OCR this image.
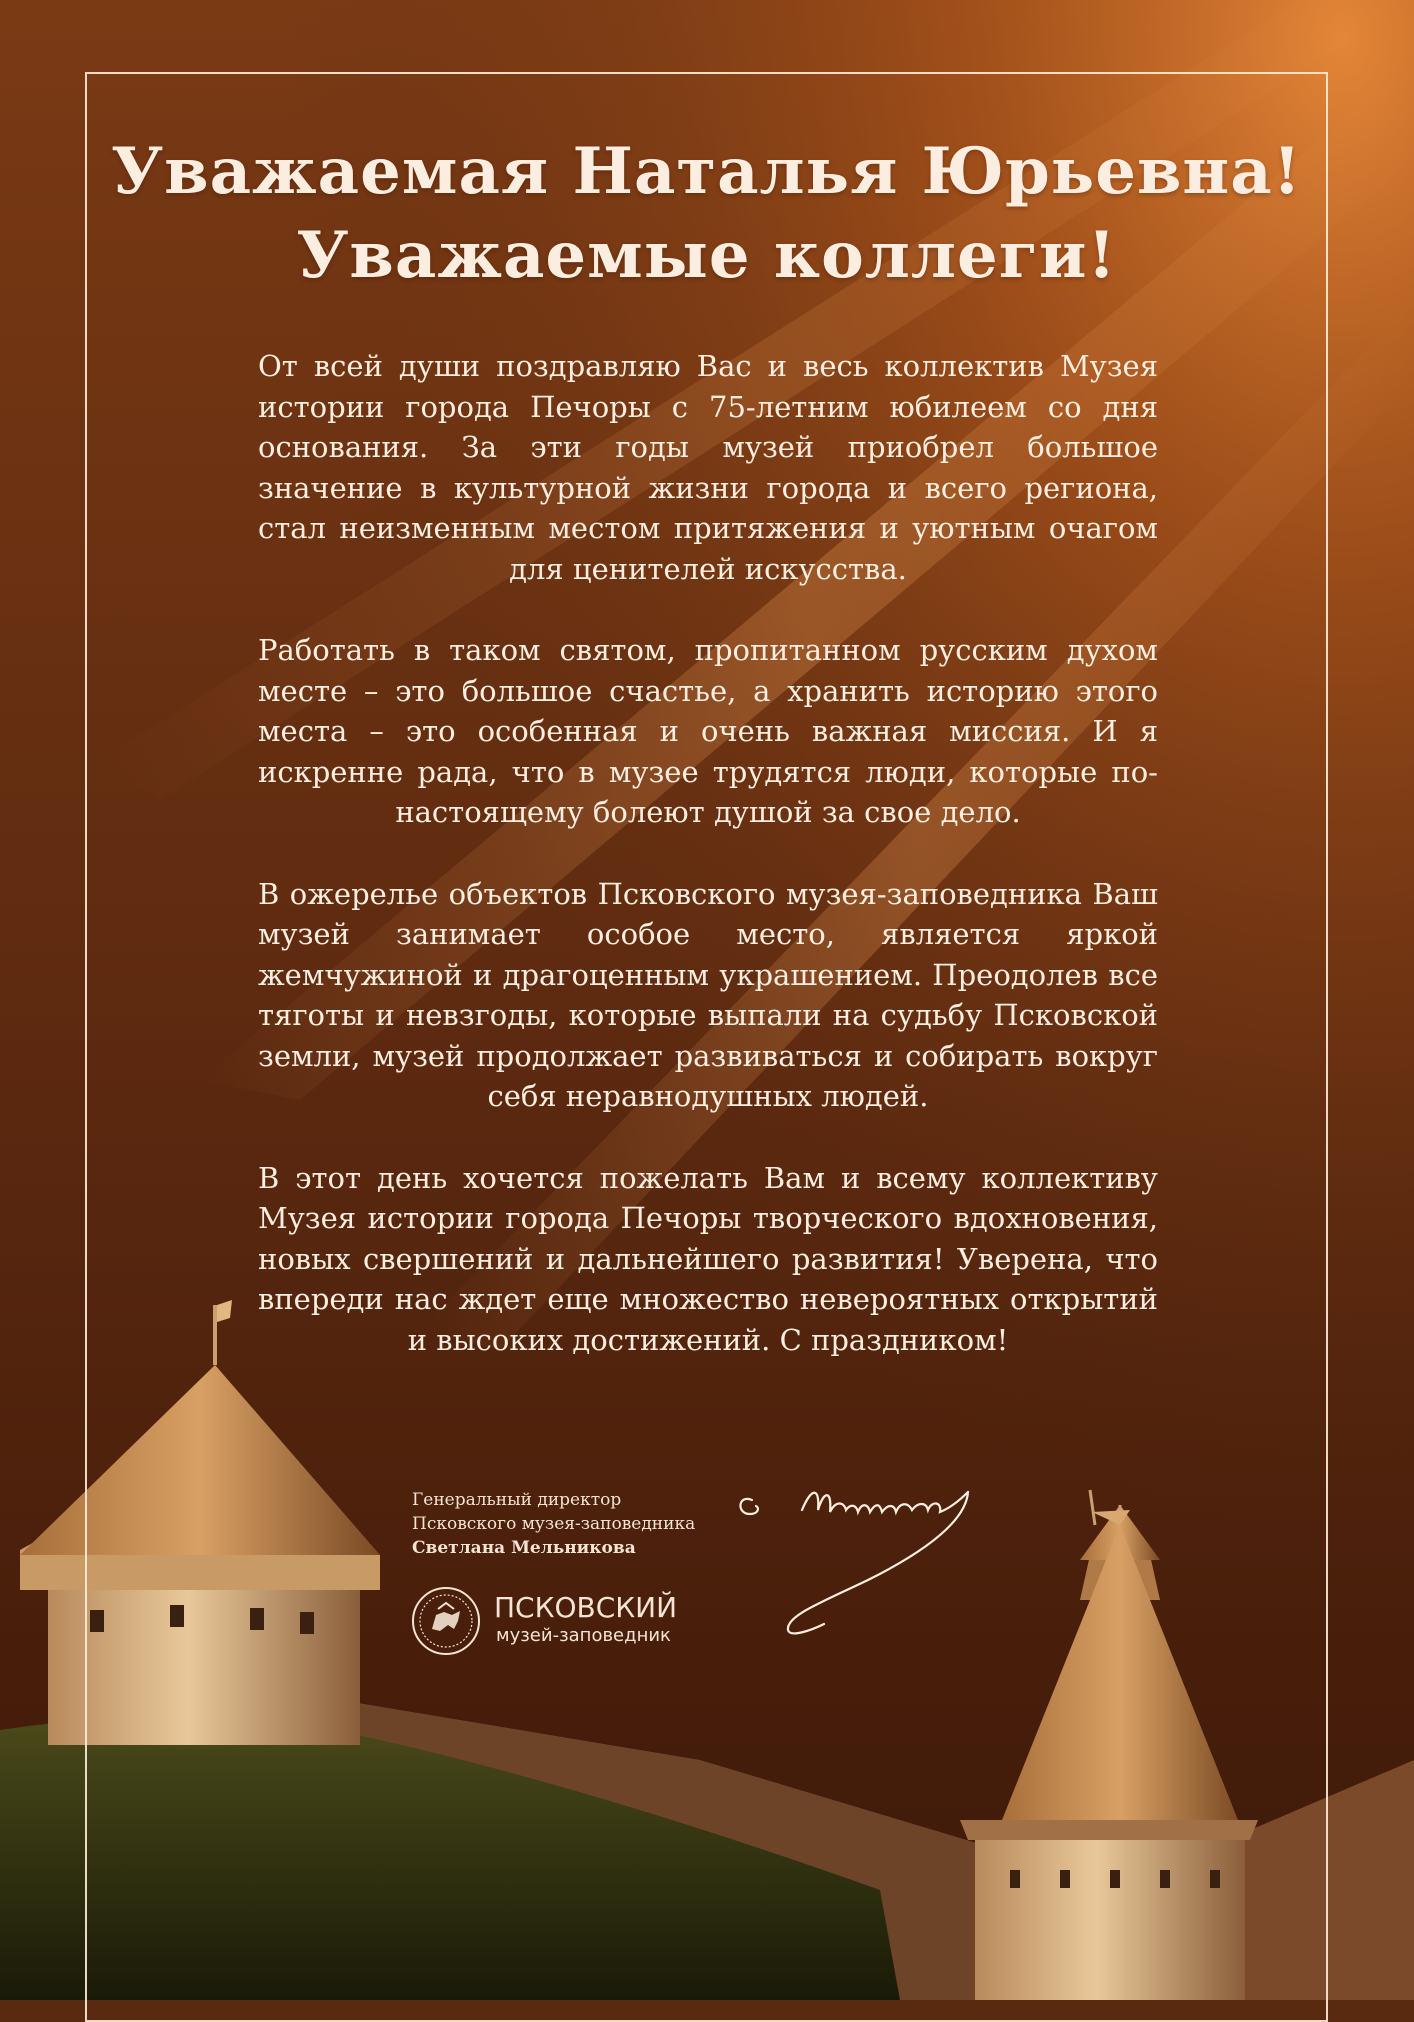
Уважаемая Наталья Юрьевна!
Уважаемые коллеги!

От всей души поздравляю Вас и весь коллектив Музея истории города Печоры с 75-летним юбилеем со дня основания. За эти годы музей приобрел большое значение в культурной жизни города и всего региона, стал неизменным местом притяжения и уютным очагом для ценителей искусства.

Работать в таком святом, пропитанном русским духом месте – это большое счастье, а хранить историю этого места – это особенная и очень важная миссия. И я искренне рада, что в музее трудятся люди, которые по-настоящему болеют душой за свое дело.

В ожерелье объектов Псковского музея-заповедника Ваш музей занимает особое место, является яркой жемчужиной и драгоценным украшением. Преодолев все тяготы и невзгоды, которые выпали на судьбу Псковской земли, музей продолжает развиваться и собирать вокруг себя неравнодушных людей.

В этот день хочется пожелать Вам и всему коллективу Музея истории города Печоры творческого вдохновения, новых свершений и дальнейшего развития! Уверена, что впереди нас ждет еще множество невероятных открытий и высоких достижений. С праздником!

Генеральный директор
Псковского музея-заповедника
Светлана Мельникова
ПСКОВСКИЙ
музей-заповедник
